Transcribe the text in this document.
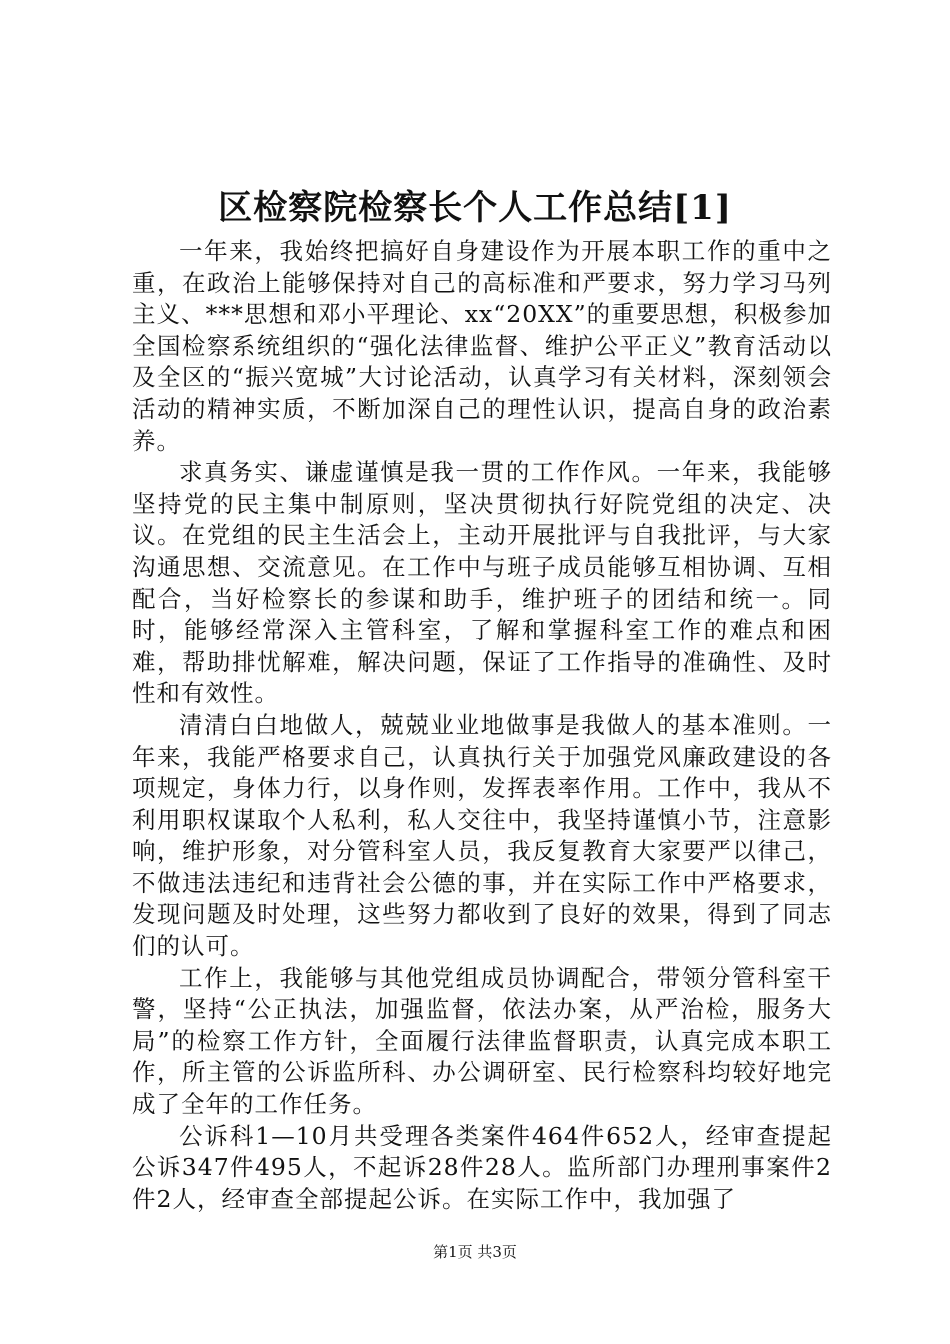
区检察院检察长个人工作总结[1]

一年来，我始终把搞好自身建设作为开展本职工作的重中之重，在政治上能够保持对自己的高标准和严要求，努力学习马列主义、***思想和邓小平理论、xx“20XX”的重要思想，积极参加全国检察系统组织的“强化法律监督、维护公平正义”教育活动以及全区的“振兴宽城”大讨论活动，认真学习有关材料，深刻领会活动的精神实质，不断加深自己的理性认识，提高自身的政治素养。

求真务实、谦虚谨慎是我一贯的工作作风。一年来，我能够坚持党的民主集中制原则，坚决贯彻执行好院党组的决定、决议。在党组的民主生活会上，主动开展批评与自我批评，与大家沟通思想、交流意见。在工作中与班子成员能够互相协调、互相配合，当好检察长的参谋和助手，维护班子的团结和统一。同时，能够经常深入主管科室，了解和掌握科室工作的难点和困难，帮助排忧解难，解决问题，保证了工作指导的准确性、及时性和有效性。

清清白白地做人，兢兢业业地做事是我做人的基本准则。一年来，我能严格要求自己，认真执行关于加强党风廉政建设的各项规定，身体力行，以身作则，发挥表率作用。工作中，我从不利用职权谋取个人私利，私人交往中，我坚持谨慎小节，注意影响，维护形象，对分管科室人员，我反复教育大家要严以律己，不做违法违纪和违背社会公德的事，并在实际工作中严格要求，发现问题及时处理，这些努力都收到了良好的效果，得到了同志们的认可。

工作上，我能够与其他党组成员协调配合，带领分管科室干警，坚持“公正执法，加强监督，依法办案，从严治检，服务大局”的检察工作方针，全面履行法律监督职责，认真完成本职工作，所主管的公诉监所科、办公调研室、民行检察科均较好地完成了全年的工作任务。

公诉科1—10月共受理各类案件464件652人，经审查提起公诉347件495人，不起诉28件28人。监所部门办理刑事案件2件2人，经审查全部提起公诉。在实际工作中，我加强了

第1页 共3页
